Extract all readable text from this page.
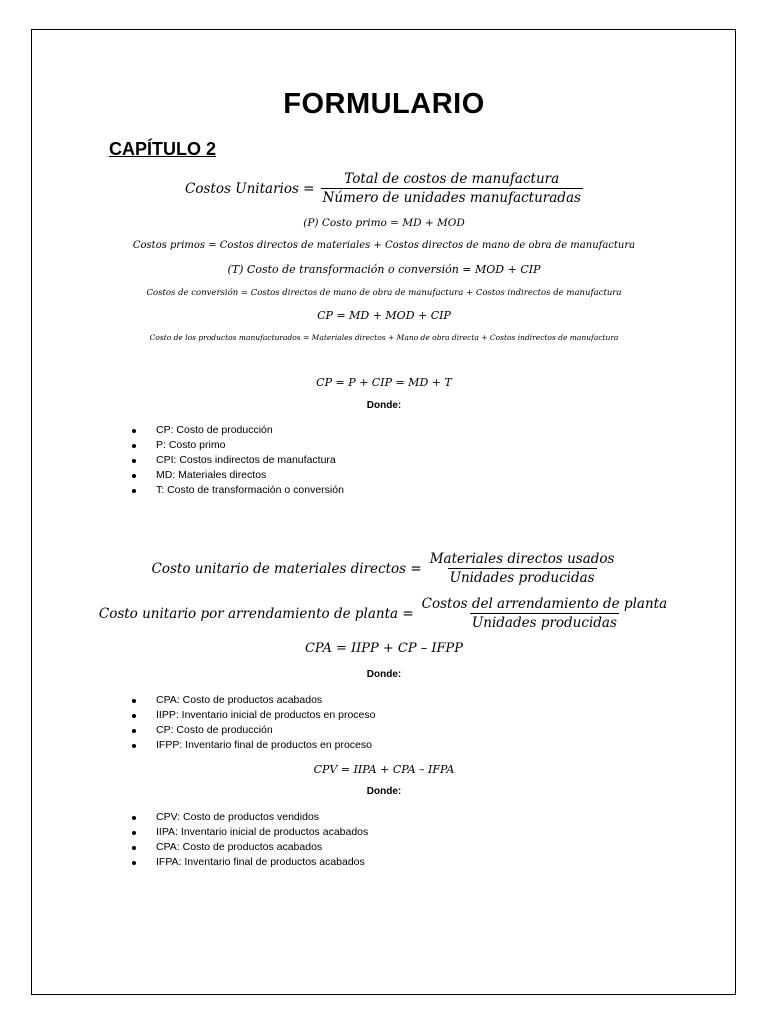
FORMULARIO
CAPÍTULO 2
Costos Unitarios = $\frac{\text{Total de costos de manufactura}}{\text{Número de unidades manufacturadas}}$
(P) Costo primo = MD + MOD
Costos primos = Costos directos de materiales + Costos directos de mano de obra de manufactura
(T) Costo de transformación o conversión = MOD + CIP
Costos de conversión = Costos directos de mano de obra de manufactura + Costos indirectos de manufactura
CP = MD + MOD + CIP
Costo de los productos manufacturados = Materiales directos + Mano de obra directa + Costos indirectos de manufactura
CP = P + CIP = MD + T
Donde:
CP: Costo de producción
P: Costo primo
CPI: Costos indirectos de manufactura
MD: Materiales directos
T: Costo de transformación o conversión
Costo unitario de materiales directos = $\frac{\text{Materiales directos usados}}{\text{Unidades producidas}}$
Costo unitario por arrendamiento de planta = $\frac{\text{Costos del arrendamiento de planta}}{\text{Unidades producidas}}$
CPA = IIPP + CP – IFPP
Donde:
CPA: Costo de productos acabados
IIPP: Inventario inicial de productos en proceso
CP: Costo de producción
IFPP: Inventario final de productos en proceso
CPV = IIPA + CPA – IFPA
Donde:
CPV: Costo de productos vendidos
IIPA: Inventario inicial de productos acabados
CPA: Costo de productos acabados
IFPA: Inventario final de productos acabados
